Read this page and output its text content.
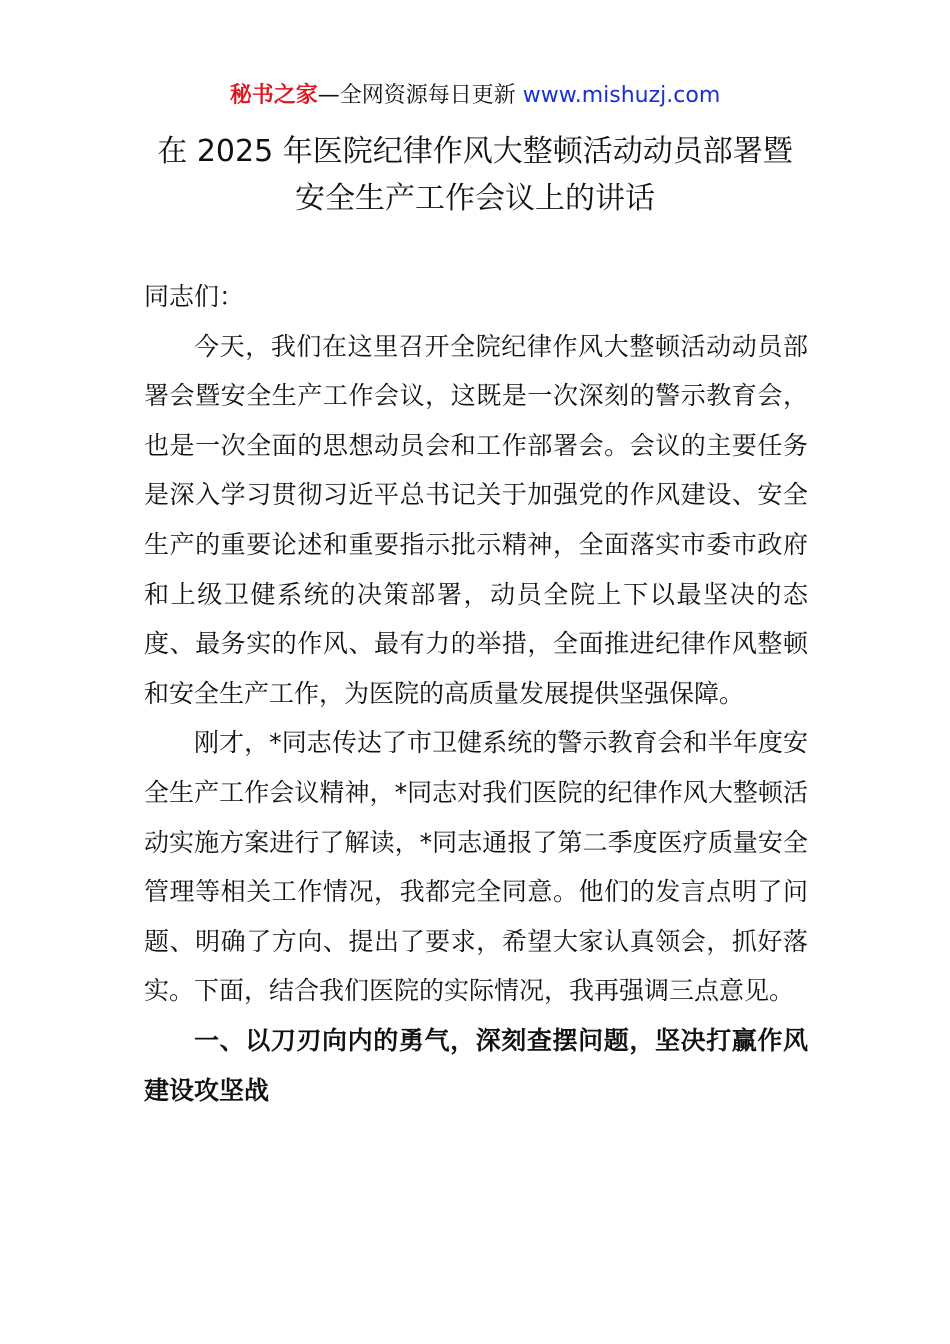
秘书之家—全网资源每日更新 www.mishuzj.com
在 2025 年医院纪律作风大整顿活动动员部署暨
安全生产工作会议上的讲话

同志们：

今天，我们在这里召开全院纪律作风大整顿活动动员部署会暨安全生产工作会议，这既是一次深刻的警示教育会，也是一次全面的思想动员会和工作部署会。会议的主要任务是深入学习贯彻习近平总书记关于加强党的作风建设、安全生产的重要论述和重要指示批示精神，全面落实市委市政府和上级卫健系统的决策部署，动员全院上下以最坚决的态度、最务实的作风、最有力的举措，全面推进纪律作风整顿和安全生产工作，为医院的高质量发展提供坚强保障。

刚才，*同志传达了市卫健系统的警示教育会和半年度安全生产工作会议精神，*同志对我们医院的纪律作风大整顿活动实施方案进行了解读，*同志通报了第二季度医疗质量安全管理等相关工作情况，我都完全同意。他们的发言点明了问题、明确了方向、提出了要求，希望大家认真领会，抓好落实。下面，结合我们医院的实际情况，我再强调三点意见。

一、以刀刃向内的勇气，深刻查摆问题，坚决打赢作风建设攻坚战
